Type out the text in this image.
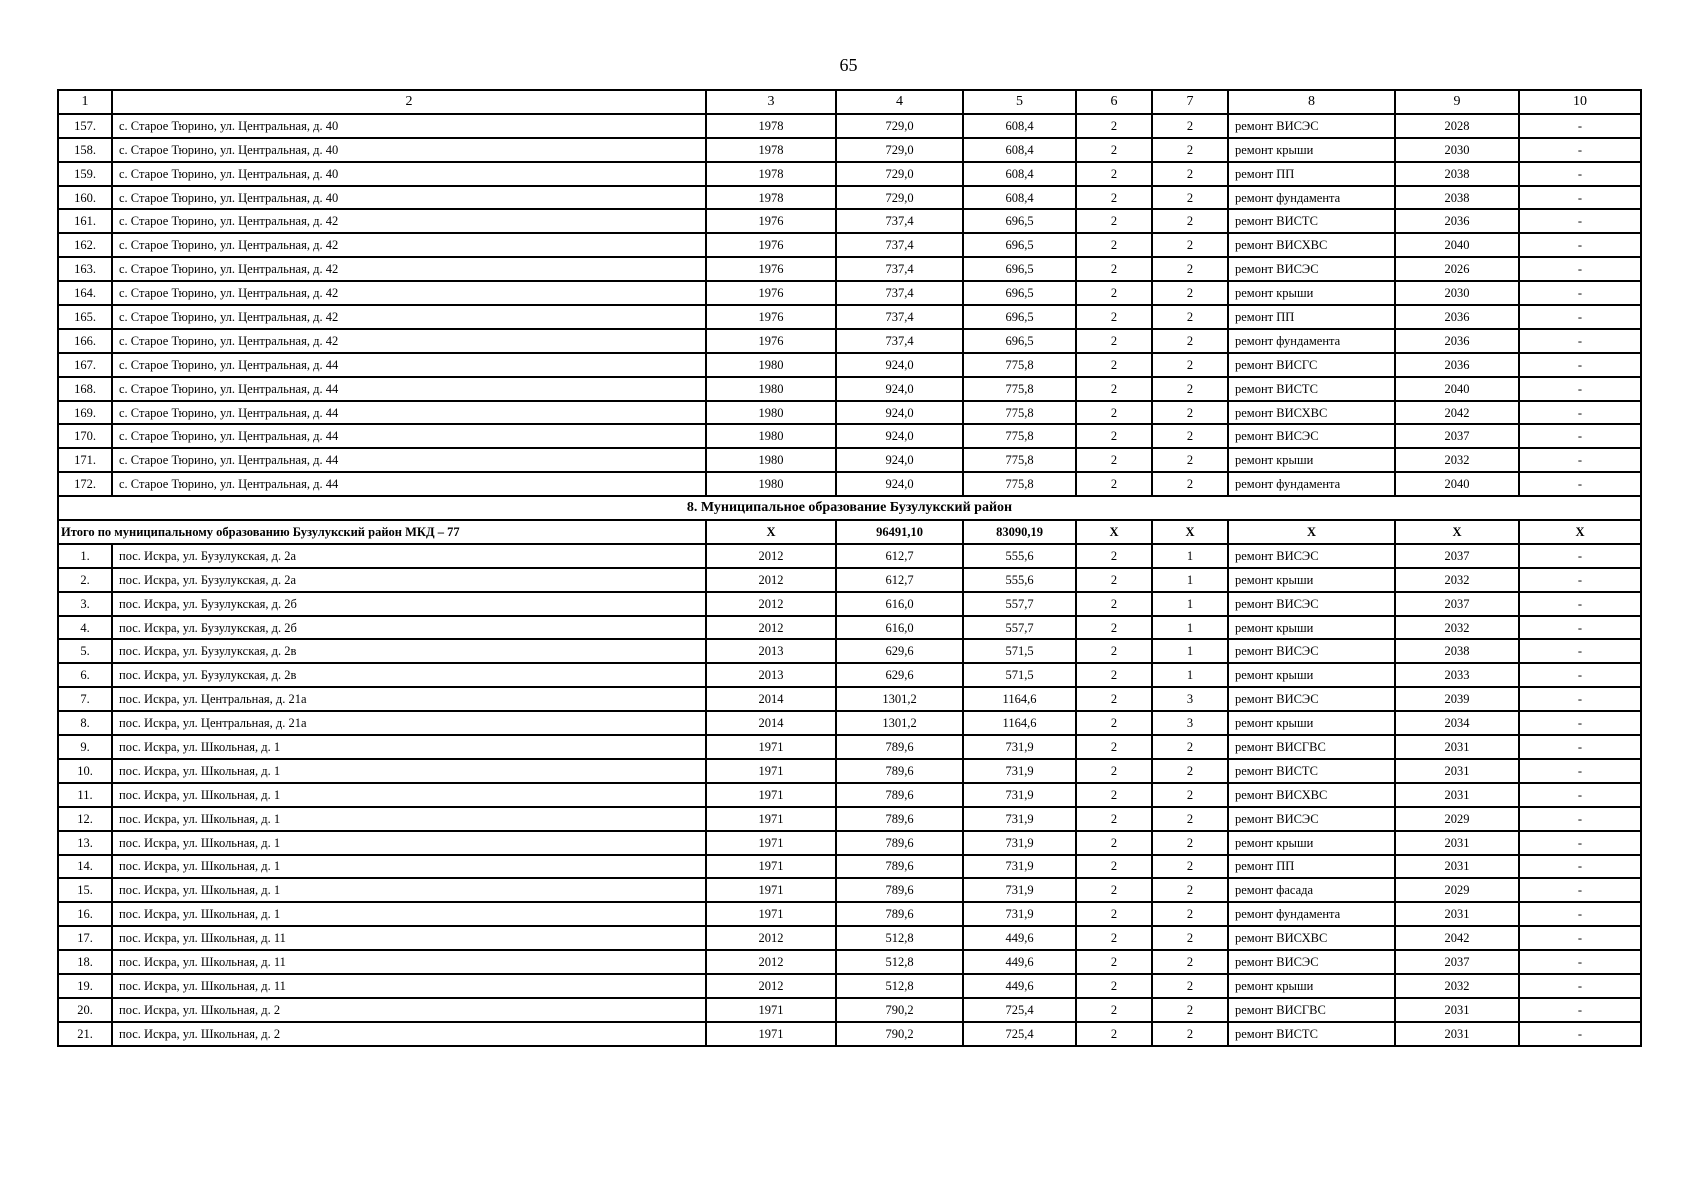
65
1	2	3	4	5	6	7	8	9	10
157.	с. Старое Тюрино, ул. Центральная, д. 40	1978	729,0	608,4	2	2	ремонт ВИСЭС	2028	-
158.	с. Старое Тюрино, ул. Центральная, д. 40	1978	729,0	608,4	2	2	ремонт крыши	2030	-
159.	с. Старое Тюрино, ул. Центральная, д. 40	1978	729,0	608,4	2	2	ремонт ПП	2038	-
160.	с. Старое Тюрино, ул. Центральная, д. 40	1978	729,0	608,4	2	2	ремонт фундамента	2038	-
161.	с. Старое Тюрино, ул. Центральная, д. 42	1976	737,4	696,5	2	2	ремонт ВИСТС	2036	-
162.	с. Старое Тюрино, ул. Центральная, д. 42	1976	737,4	696,5	2	2	ремонт ВИСХВС	2040	-
163.	с. Старое Тюрино, ул. Центральная, д. 42	1976	737,4	696,5	2	2	ремонт ВИСЭС	2026	-
164.	с. Старое Тюрино, ул. Центральная, д. 42	1976	737,4	696,5	2	2	ремонт крыши	2030	-
165.	с. Старое Тюрино, ул. Центральная, д. 42	1976	737,4	696,5	2	2	ремонт ПП	2036	-
166.	с. Старое Тюрино, ул. Центральная, д. 42	1976	737,4	696,5	2	2	ремонт фундамента	2036	-
167.	с. Старое Тюрино, ул. Центральная, д. 44	1980	924,0	775,8	2	2	ремонт ВИСГС	2036	-
168.	с. Старое Тюрино, ул. Центральная, д. 44	1980	924,0	775,8	2	2	ремонт ВИСТС	2040	-
169.	с. Старое Тюрино, ул. Центральная, д. 44	1980	924,0	775,8	2	2	ремонт ВИСХВС	2042	-
170.	с. Старое Тюрино, ул. Центральная, д. 44	1980	924,0	775,8	2	2	ремонт ВИСЭС	2037	-
171.	с. Старое Тюрино, ул. Центральная, д. 44	1980	924,0	775,8	2	2	ремонт крыши	2032	-
172.	с. Старое Тюрино, ул. Центральная, д. 44	1980	924,0	775,8	2	2	ремонт фундамента	2040	-
8. Муниципальное образование Бузулукский район									
Итого по муниципальному образованию Бузулукский район МКД – 77		X	96491,10	83090,19	X	X	X	X	X
1.	пос. Искра, ул. Бузулукская, д. 2а	2012	612,7	555,6	2	1	ремонт ВИСЭС	2037	-
2.	пос. Искра, ул. Бузулукская, д. 2а	2012	612,7	555,6	2	1	ремонт крыши	2032	-
3.	пос. Искра, ул. Бузулукская, д. 2б	2012	616,0	557,7	2	1	ремонт ВИСЭС	2037	-
4.	пос. Искра, ул. Бузулукская, д. 2б	2012	616,0	557,7	2	1	ремонт крыши	2032	-
5.	пос. Искра, ул. Бузулукская, д. 2в	2013	629,6	571,5	2	1	ремонт ВИСЭС	2038	-
6.	пос. Искра, ул. Бузулукская, д. 2в	2013	629,6	571,5	2	1	ремонт крыши	2033	-
7.	пос. Искра, ул. Центральная, д. 21а	2014	1301,2	1164,6	2	3	ремонт ВИСЭС	2039	-
8.	пос. Искра, ул. Центральная, д. 21а	2014	1301,2	1164,6	2	3	ремонт крыши	2034	-
9.	пос. Искра, ул. Школьная, д. 1	1971	789,6	731,9	2	2	ремонт ВИСГВС	2031	-
10.	пос. Искра, ул. Школьная, д. 1	1971	789,6	731,9	2	2	ремонт ВИСТС	2031	-
11.	пос. Искра, ул. Школьная, д. 1	1971	789,6	731,9	2	2	ремонт ВИСХВС	2031	-
12.	пос. Искра, ул. Школьная, д. 1	1971	789,6	731,9	2	2	ремонт ВИСЭС	2029	-
13.	пос. Искра, ул. Школьная, д. 1	1971	789,6	731,9	2	2	ремонт крыши	2031	-
14.	пос. Искра, ул. Школьная, д. 1	1971	789,6	731,9	2	2	ремонт ПП	2031	-
15.	пос. Искра, ул. Школьная, д. 1	1971	789,6	731,9	2	2	ремонт фасада	2029	-
16.	пос. Искра, ул. Школьная, д. 1	1971	789,6	731,9	2	2	ремонт фундамента	2031	-
17.	пос. Искра, ул. Школьная, д. 11	2012	512,8	449,6	2	2	ремонт ВИСХВС	2042	-
18.	пос. Искра, ул. Школьная, д. 11	2012	512,8	449,6	2	2	ремонт ВИСЭС	2037	-
19.	пос. Искра, ул. Школьная, д. 11	2012	512,8	449,6	2	2	ремонт крыши	2032	-
20.	пос. Искра, ул. Школьная, д. 2	1971	790,2	725,4	2	2	ремонт ВИСГВС	2031	-
21.	пос. Искра, ул. Школьная, д. 2	1971	790,2	725,4	2	2	ремонт ВИСТС	2031	-
